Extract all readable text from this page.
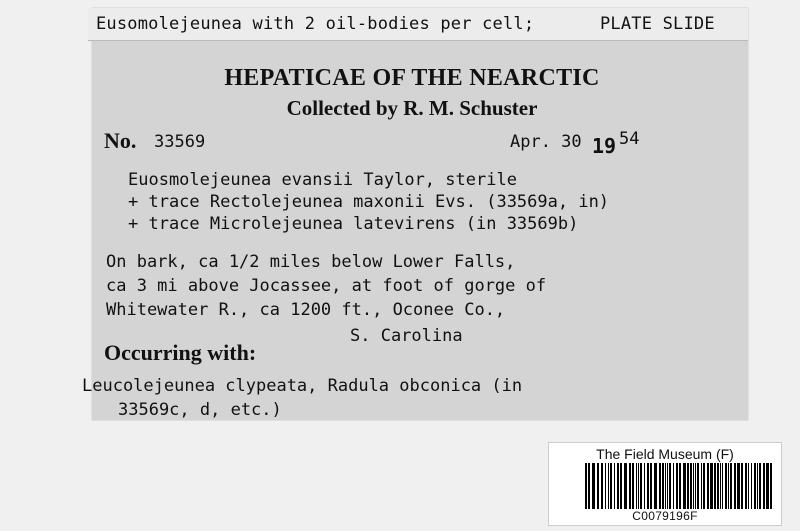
HEPATICAE OF THE NEARCTIC
Collected by R. M. Schuster
No. 33569	Apr. 30 19 54
Euosmolejeunea evansii Taylor, sterile
+ trace Rectolejeunea maxonii Evs. (33569a, in)
+ trace Microlejeunea latevirens (in 33569b)
On bark, ca 1/2 miles below Lower Falls,
ca 3 mi above Jocassee, at foot of gorge of
Whitewater R., ca 1200 ft., Oconee Co.,
S. Carolina
Occurring with:
Leucolejeunea clypeata, Radula obconica (in
33569c, d, etc.)
Eusomolejeunea with 2 oil-bodies per cell;	PLATE SLIDE
The Field Museum (F)
C0079196F
